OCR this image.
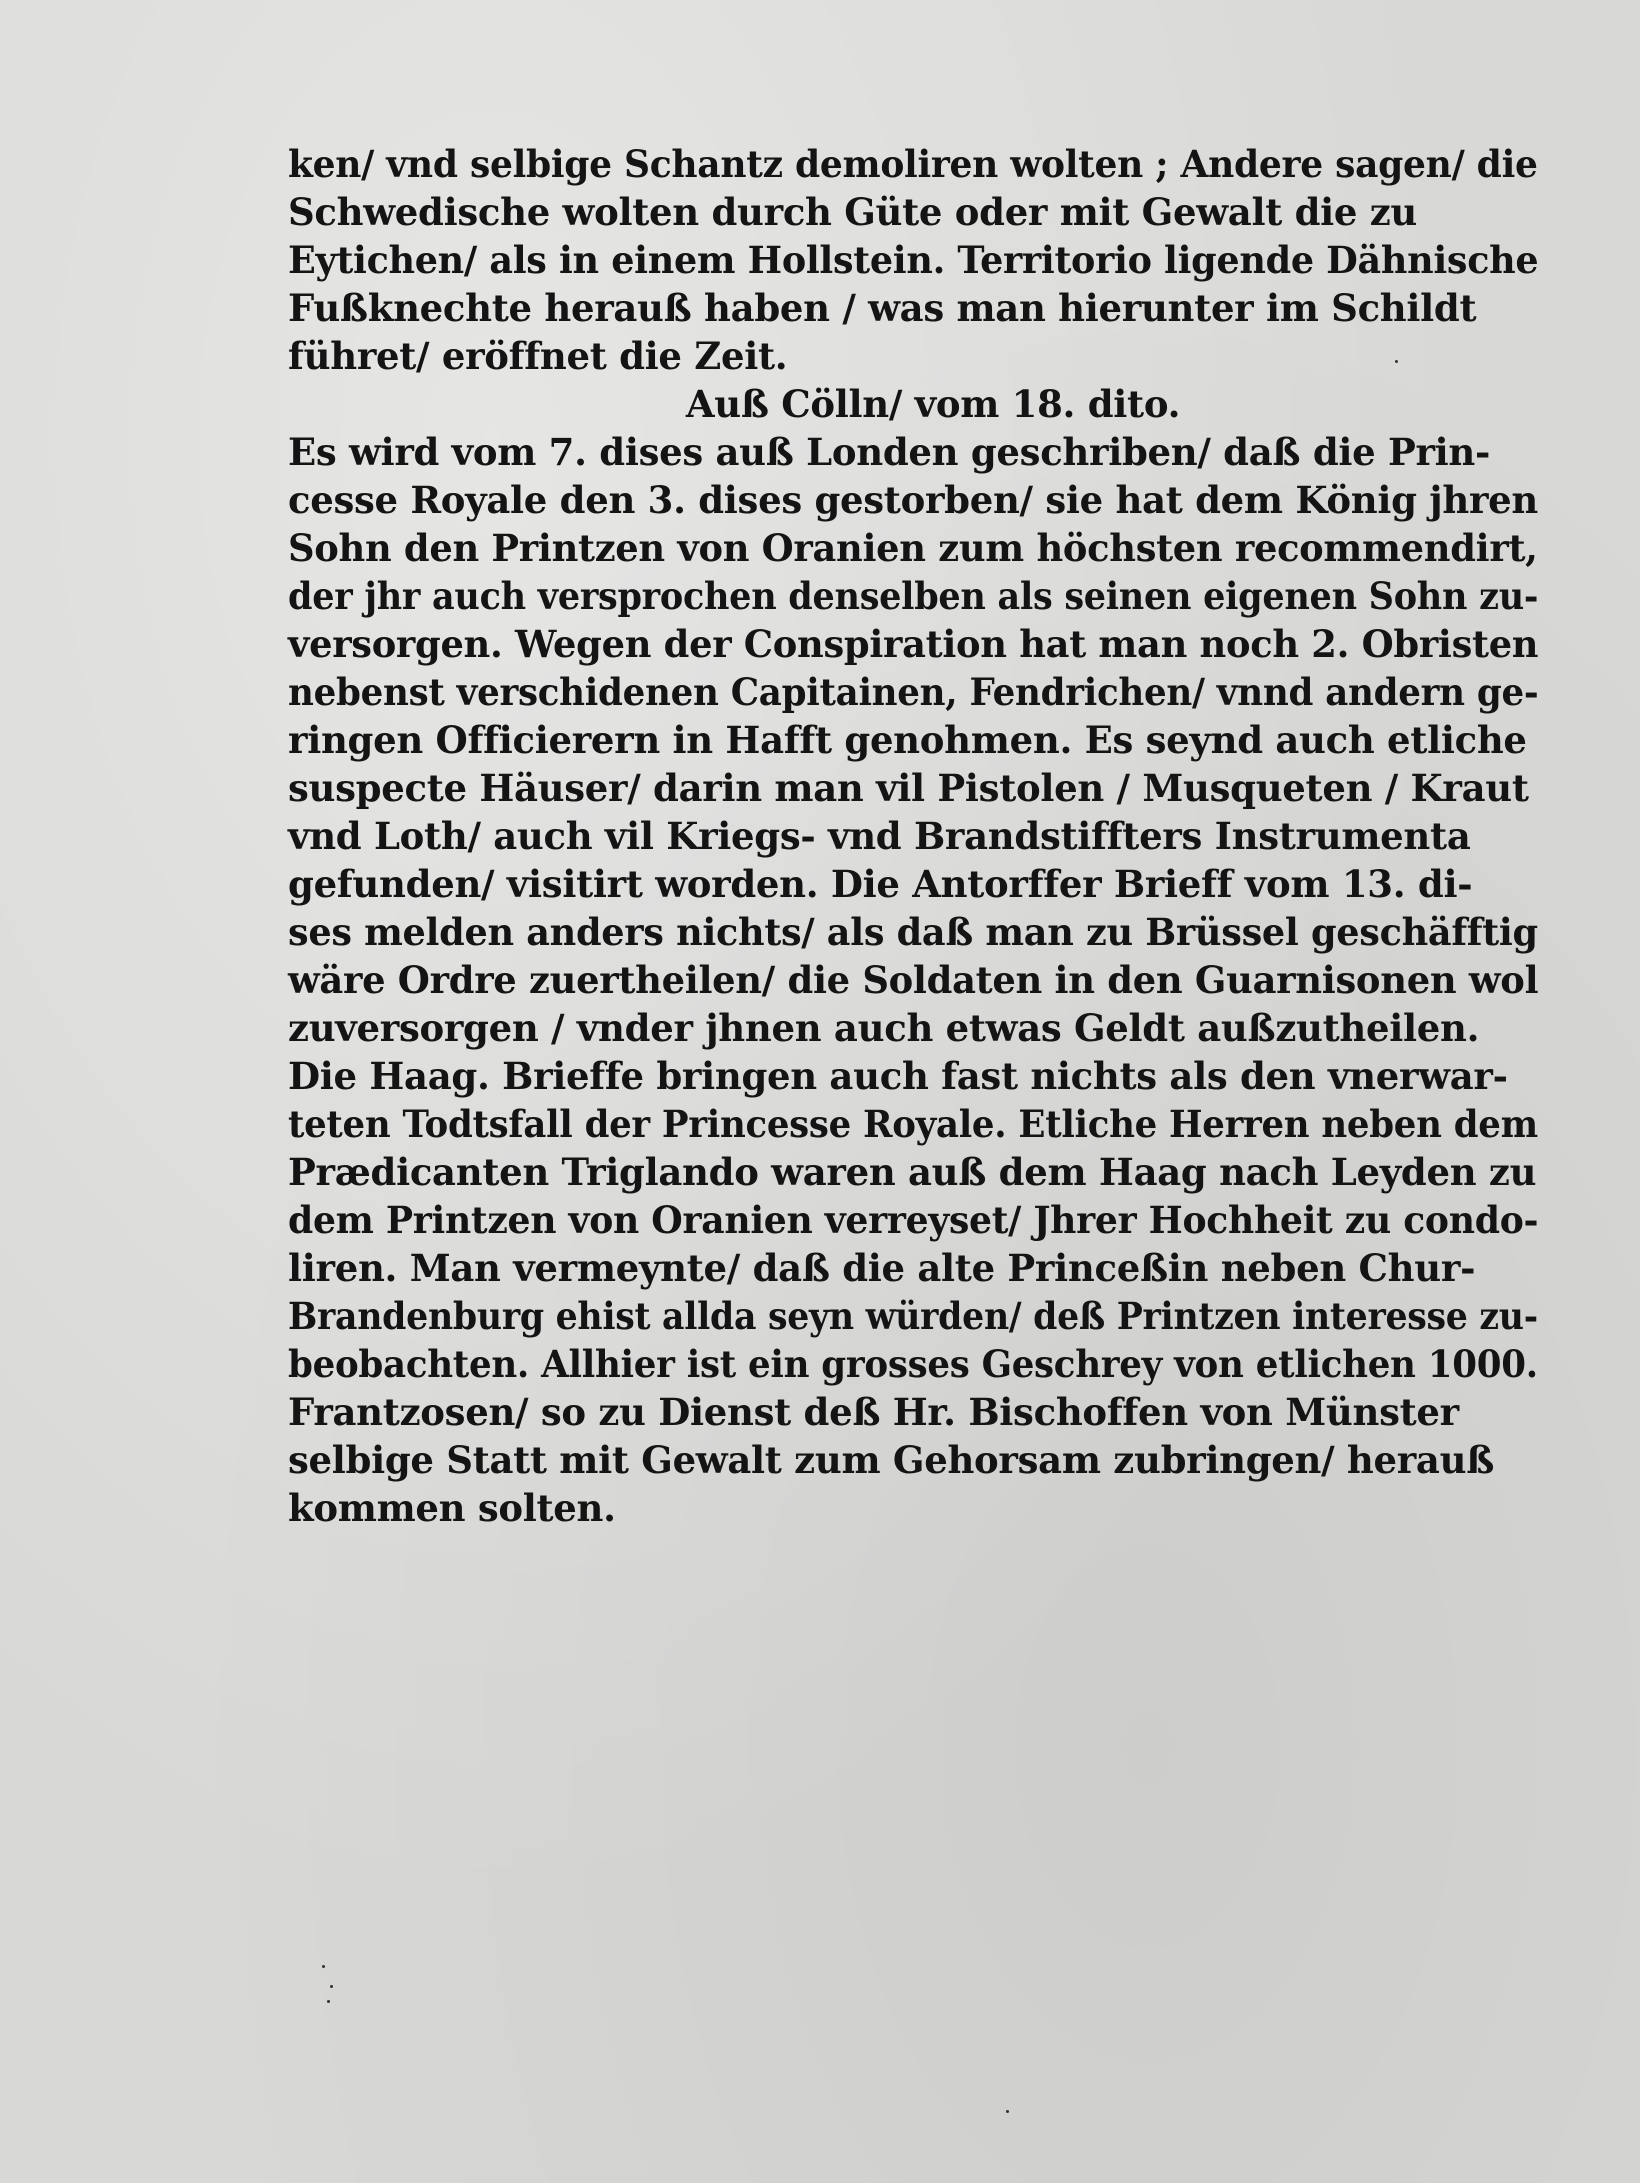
ken/ vnd selbige Schantz demoliren wolten ; Andere sagen/ die
Schwedische wolten durch Güte oder mit Gewalt die zu
Eytichen/ als in einem Hollstein. Territorio ligende Dähnische
Fußknechte herauß haben / was man hierunter im Schildt
führet/ eröffnet die Zeit.
Auß Cölln/ vom 18. dito.
Es wird vom 7. dises auß Londen geschriben/ daß die Prin-
cesse Royale den 3. dises gestorben/ sie hat dem König jhren
Sohn den Printzen von Oranien zum höchsten recommendirt,
der jhr auch versprochen denselben als seinen eigenen Sohn zu-
versorgen. Wegen der Conspiration hat man noch 2. Obristen
nebenst verschidenen Capitainen, Fendrichen/ vnnd andern ge-
ringen Officierern in Hafft genohmen. Es seynd auch etliche
suspecte Häuser/ darin man vil Pistolen / Musqueten / Kraut
vnd Loth/ auch vil Kriegs- vnd Brandstiffters Instrumenta
gefunden/ visitirt worden. Die Antorffer Brieff vom 13. di-
ses melden anders nichts/ als daß man zu Brüssel geschäfftig
wäre Ordre zuertheilen/ die Soldaten in den Guarnisonen wol
zuversorgen / vnder jhnen auch etwas Geldt außzutheilen.
Die Haag. Brieffe bringen auch fast nichts als den vnerwar-
teten Todtsfall der Princesse Royale. Etliche Herren neben dem
Prædicanten Triglando waren auß dem Haag nach Leyden zu
dem Printzen von Oranien verreyset/ Jhrer Hochheit zu condo-
liren. Man vermeynte/ daß die alte Princeßin neben Chur-
Brandenburg ehist allda seyn würden/ deß Printzen interesse zu-
beobachten. Allhier ist ein grosses Geschrey von etlichen 1000.
Frantzosen/ so zu Dienst deß Hr. Bischoffen von Münster
selbige Statt mit Gewalt zum Gehorsam zubringen/ herauß
kommen solten.
